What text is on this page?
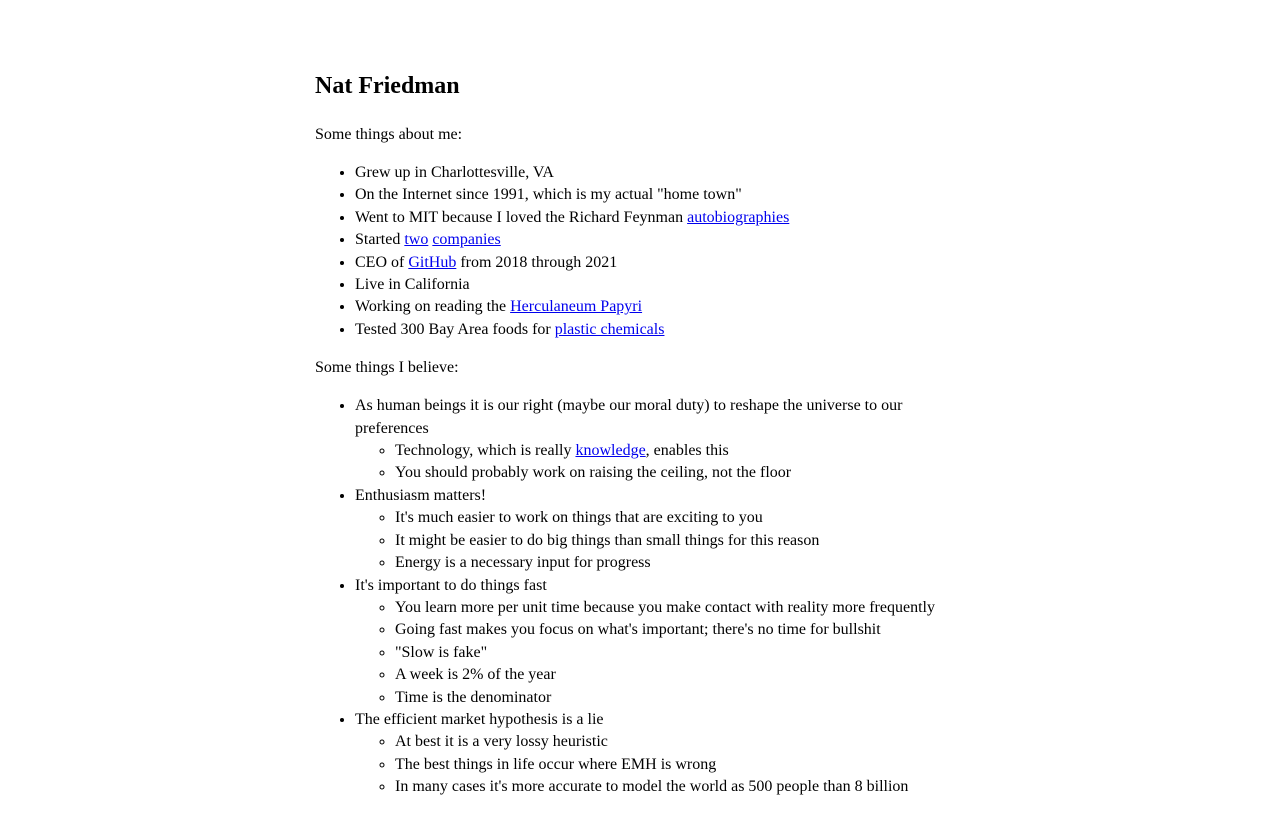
Nat Friedman

Some things about me:

• Grew up in Charlottesville, VA
• On the Internet since 1991, which is my actual "home town"
• Went to MIT because I loved the Richard Feynman autobiographies
• Started two companies
• CEO of GitHub from 2018 through 2021
• Live in California
• Working on reading the Herculaneum Papyri
• Tested 300 Bay Area foods for plastic chemicals

Some things I believe:

• As human beings it is our right (maybe our moral duty) to reshape the universe to our preferences
◦ Technology, which is really knowledge, enables this
◦ You should probably work on raising the ceiling, not the floor
• Enthusiasm matters!
◦ It's much easier to work on things that are exciting to you
◦ It might be easier to do big things than small things for this reason
◦ Energy is a necessary input for progress
• It's important to do things fast
◦ You learn more per unit time because you make contact with reality more frequently
◦ Going fast makes you focus on what's important; there's no time for bullshit
◦ "Slow is fake"
◦ A week is 2% of the year
◦ Time is the denominator
• The efficient market hypothesis is a lie
◦ At best it is a very lossy heuristic
◦ The best things in life occur where EMH is wrong
◦ In many cases it's more accurate to model the world as 500 people than 8 billion
